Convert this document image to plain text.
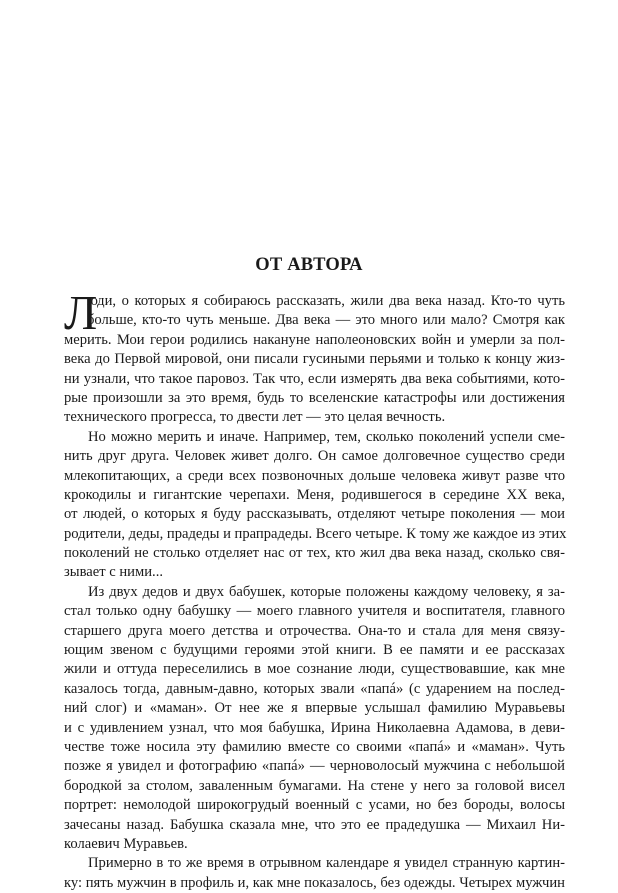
ОТ АВТОРА
Л
юди, о которых я собираюсь рассказать, жили два века назад. Кто-то чуть
больше, кто-то чуть меньше. Два века — это много или мало? Смотря как
мерить. Мои герои родились накануне наполеоновских войн и умерли за пол-
века до Первой мировой, они писали гусиными перьями и только к концу жиз-
ни узнали, что такое паровоз. Так что, если измерять два века событиями, кото-
рые произошли за это время, будь то вселенские катастрофы или достижения
технического прогресса, то двести лет — это целая вечность.
Но можно мерить и иначе. Например, тем, сколько поколений успели сме-
нить друг друга. Человек живет долго. Он самое долговечное существо среди
млекопитающих, а среди всех позвоночных дольше человека живут разве что
крокодилы и гигантские черепахи. Меня, родившегося в середине XX века,
от людей, о которых я буду рассказывать, отделяют четыре поколения — мои
родители, деды, прадеды и прапрадеды. Всего четыре. К тому же каждое из этих
поколений не столько отделяет нас от тех, кто жил два века назад, сколько свя-
зывает с ними...
Из двух дедов и двух бабушек, которые положены каждому человеку, я за-
стал только одну бабушку — моего главного учителя и воспитателя, главного
старшего друга моего детства и отрочества. Она-то и стала для меня связу-
ющим звеном с будущими героями этой книги. В ее памяти и ее рассказах
жили и оттуда переселились в мое сознание люди, существовавшие, как мне
казалось тогда, давным-давно, которых звали «папá» (с ударением на послед-
ний слог) и «маман». От нее же я впервые услышал фамилию Муравьевы
и с удивлением узнал, что моя бабушка, Ирина Николаевна Адамова, в деви-
честве тоже носила эту фамилию вместе со своими «папá» и «маман». Чуть
позже я увидел и фотографию «папá» — черноволосый мужчина с небольшой
бородкой за столом, заваленным бумагами. На стене у него за головой висел
портрет: немолодой широкогрудый военный с усами, но без бороды, волосы
зачесаны назад. Бабушка сказала мне, что это ее прадедушка — Михаил Ни-
колаевич Муравьев.
Примерно в то же время в отрывном календаре я увидел странную картин-
ку: пять мужчин в профиль и, как мне показалось, без одежды. Четырех мужчин
